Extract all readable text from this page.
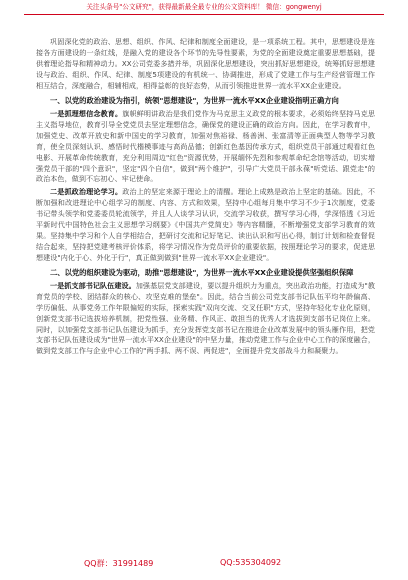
关注头条号"公文研究"，获得最新最全最专业的公文资料库！ 微信：gongwenyj

巩固深化党的政治、思想、组织、作风、纪律和制度全面建设，是一项系统工程。其中，思想建设是连接各方面建设的一条红线，是融入党的建设各个环节的先导性要素，为党的全面建设奠定重要思想基础，提供着理论指导和精神动力。XX公司党委多措并举，巩固深化思想建设，突出抓好思想建设，统筹抓好思想建设与政治、组织、作风、纪律、制度5项建设的有机统一、协调推进，形成了党建工作与生产经营管理工作相互结合，深度融合，相辅相成，相得益彰的良好态势，从而引领推进世界一流水平XX企业建设。

一、以党的政治建设为指引，统领"思想建设"，为世界一流水平XX企业建设指明正确方向

一是抓理想信念教育。旗帜鲜明讲政治是我们党作为马克思主义政党的根本要求，必须始终坚持马克思主义指导地位，教育引导全党党员去坚定理想信念，确保党的建设正确的政治方向。因此，在学习教育中，加强党史、改革开放史和新中国史的学习教育，加强对焦裕禄、杨善洲、张富清等正面典型人物等学习教育，使全员深刻认识、感悟时代楷模事迹与高尚品德；创新红色基因传承方式，组织党员干部通过观看红色电影、开展革命传统教育，充分利用周边"红色"资源优势，开展缅怀先烈和参观革命纪念馆等活动，切实增强党员干部的"四个意识"，坚定"四个自信"，做到"两个维护"，引导广大党员干部永葆"听党话、跟党走"的政治本色，做到不忘初心、牢记使命。

二是抓政治理论学习。政治上的坚定来源于理论上的清醒。理论上成熟是政治上坚定的基础。因此，不断加强和改进理论中心组学习的制度、内容、方式和效果，坚持中心组每月集中学习不少于1次制度，党委书记带头领学和党委委员轮流领学，并且人人谈学习认识，交流学习收获，撰写学习心得，学深悟透《习近平新时代中国特色社会主义思想学习纲要》《中国共产党简史》等内容精髓，不断增强党支部学习教育的效果。坚持集中学习和个人自学相结合，把研讨交流和记好笔记、读出认识和写出心得，制订计划和检查督促结合起来，坚持把党建考核评价体系，将学习情况作为党员评价的重要依据，按照理论学习的要求，促进思想建设"内化于心、外化于行"，真正做到做到"世界一流水平XX企业建设"。

二、以党的组织建设为驱动，助推"思想建设"，为世界一流水平XX企业建设提供坚强组织保障

一是抓支部书记队伍建设。加强基层党支部建设，要以提升组织力为重点，突出政治功能，打造成为"教育党员的学校、团结群众的核心、攻坚克难的堡垒"。因此，结合当前公司党支部书记队伍平均年龄偏高、学历偏低、从事党务工作年限偏短的实际，探索实践"双向交流、交叉任职"方式，坚持年轻化专业化原则，创新党支部书记选拔培养机制，把党性强、业务精、作风正、敢担当的优秀人才选拔到支部书记岗位上来。同时，以加强党支部书记队伍建设为抓手，充分发挥党支部书记在推进企业改革发展中的领头雁作用，把党支部书记队伍建设成为"世界一流水平XX企业建设"的中坚力量，推动党建工作与企业中心工作的深度融合，做到党支部工作与企业中心工作的"两手抓、两不误、两促进"，全面提升党支部战斗力和凝聚力。

QQ群：31991489	QQ:535304092
